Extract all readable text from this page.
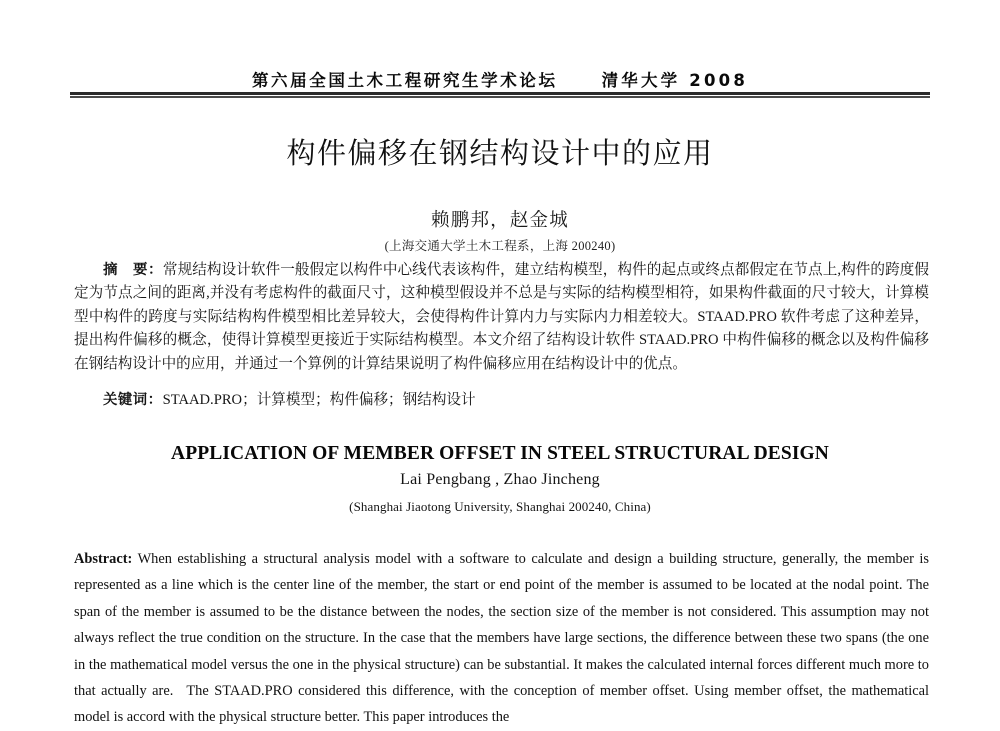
第六届全国土木工程研究生学术论坛	清华大学 2008
构件偏移在钢结构设计中的应用
赖鹏邦，赵金城
(上海交通大学土木工程系，上海 200240)

摘　要：常规结构设计软件一般假定以构件中心线代表该构件，建立结构模型，构件的起点或终点都假定在节点上,构件的跨度假定为节点之间的距离,并没有考虑构件的截面尺寸，这种模型假设并不总是与实际的结构模型相符，如果构件截面的尺寸较大，计算模型中构件的跨度与实际结构构件模型相比差异较大，会使得构件计算内力与实际内力相差较大。STAAD.PRO 软件考虑了这种差异，提出构件偏移的概念，使得计算模型更接近于实际结构模型。本文介绍了结构设计软件 STAAD.PRO 中构件偏移的概念以及构件偏移在钢结构设计中的应用，并通过一个算例的计算结果说明了构件偏移应用在结构设计中的优点。

关键词：STAAD.PRO；计算模型；构件偏移；钢结构设计
APPLICATION OF MEMBER OFFSET IN STEEL STRUCTURAL DESIGN
Lai Pengbang , Zhao Jincheng
(Shanghai Jiaotong University, Shanghai 200240, China)

Abstract: When establishing a structural analysis model with a software to calculate and design a building structure, generally, the member is represented as a line which is the center line of the member, the start or end point of the member is assumed to be located at the nodal point. The span of the member is assumed to be the distance between the nodes, the section size of the member is not considered. This assumption may not always reflect the true condition on the structure. In the case that the members have large sections, the difference between these two spans (the one in the mathematical model versus the one in the physical structure) can be substantial. It makes the calculated internal forces different much more to that actually are. The STAAD.PRO considered this difference, with the conception of member offset. Using member offset, the mathematical model is accord with the physical structure better. This paper introduces the
